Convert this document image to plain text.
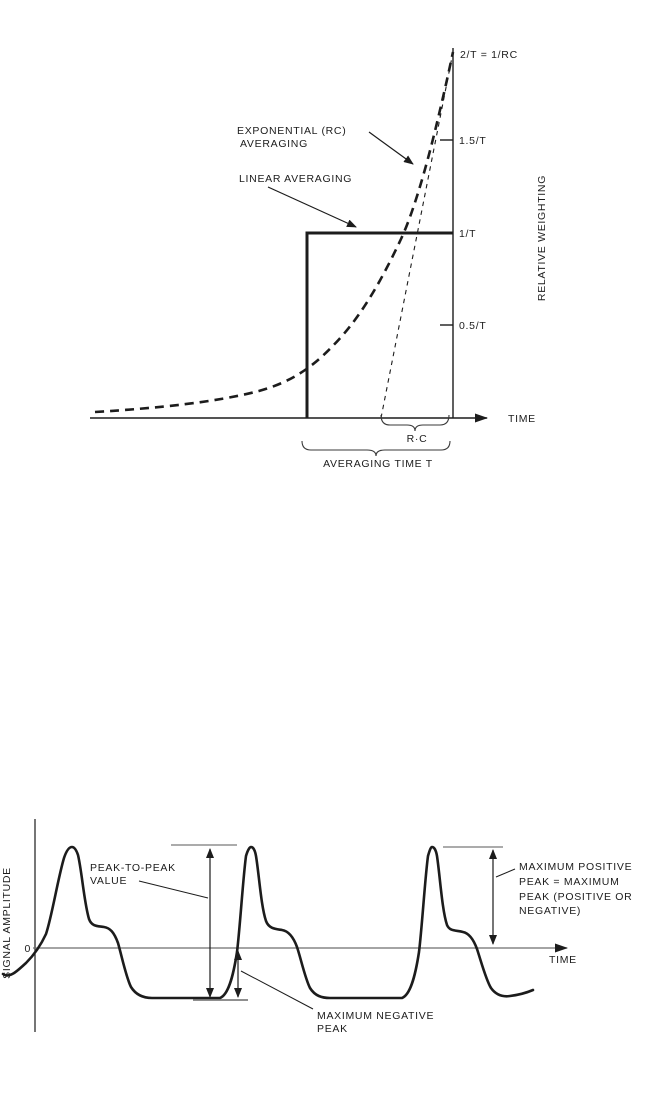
EXPONENTIAL (RC)
AVERAGING
LINEAR AVERAGING
2/T = 1/RC
1.5/T
1/T
0.5/T
RELATIVE WEIGHTING
TIME
R·C
AVERAGING TIME T
SIGNAL AMPLITUDE 0
TIME
PEAK-TO-PEAK
VALUE
MAXIMUM NEGATIVE
PEAK
MAXIMUM POSITIVE
PEAK = MAXIMUM
PEAK (POSITIVE OR
NEGATIVE)
